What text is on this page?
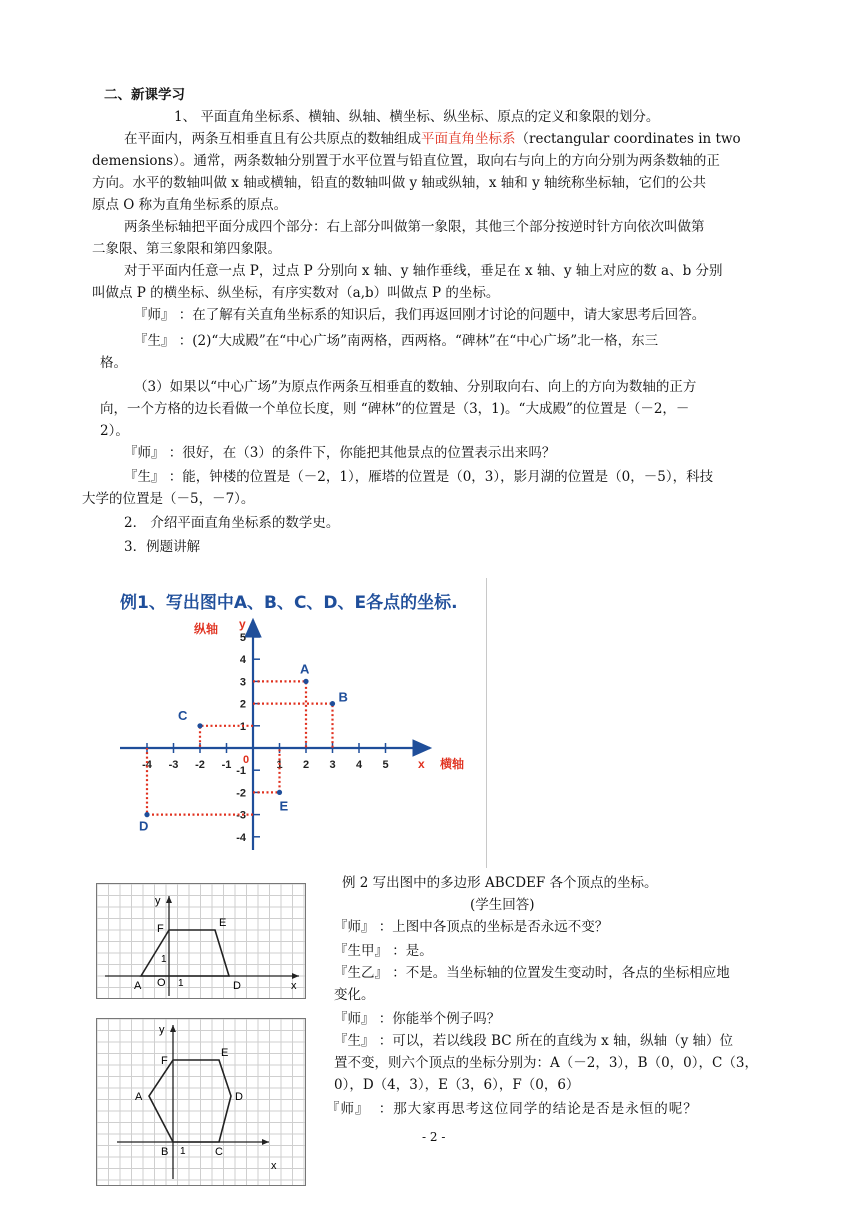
二、新课学习
1、 平面直角坐标系、横轴、纵轴、横坐标、纵坐标、原点的定义和象限的划分。
在平面内，两条互相垂直且有公共原点的数轴组成平面直角坐标系（rectangular coordinates in two
demensions）。通常，两条数轴分别置于水平位置与铅直位置，取向右与向上的方向分别为两条数轴的正
方向。水平的数轴叫做 x 轴或横轴，铅直的数轴叫做 y 轴或纵轴，x 轴和 y 轴统称坐标轴，它们的公共
原点 O 称为直角坐标系的原点。
两条坐标轴把平面分成四个部分：右上部分叫做第一象限，其他三个部分按逆时针方向依次叫做第
二象限、第三象限和第四象限。
对于平面内任意一点 P，过点 P 分别向 x 轴、y 轴作垂线，垂足在 x 轴、y 轴上对应的数 a、b 分别
叫做点 P 的横坐标、纵坐标，有序实数对（a,b）叫做点 P 的坐标。
『师』 ：在了解有关直角坐标系的知识后，我们再返回刚才讨论的问题中，请大家思考后回答。
『生』 ：(2)“大成殿”在“中心广场”南两格，西两格。“碑林”在“中心广场”北一格，东三
格。
（3）如果以“中心广场”为原点作两条互相垂直的数轴、分别取向右、向上的方向为数轴的正方
向，一个方格的边长看做一个单位长度，则 “碑林”的位置是（3，1)。“大成殿”的位置是（－2，－
2）。
『师』 ：很好，在（3）的条件下，你能把其他景点的位置表示出来吗？
『生』 ：能，钟楼的位置是（－2，1），雁塔的位置是（0，3），影月湖的位置是（0，－5），科技
大学的位置是（－5，－7）。
2． 介绍平面直角坐标系的数学史。
3．例题讲解
例1、写出图中A、B、C、D、E各点的坐标.
-4 -3 -2 -1	1 2 3 4 5
5
4
3
2
1
-1
-2
-3
-4
0
y
x
纵轴
横轴
A
B
C
D
E
y
F	E
1
A O 1	D	x
y
F
E
A	D
B 1	C
x
例 2 写出图中的多边形 ABCDEF 各个顶点的坐标。
(学生回答)
『师』 ：上图中各顶点的坐标是否永远不变？
『生甲』 ：是。
『生乙』 ：不是。当坐标轴的位置发生变动时，各点的坐标相应地
变化。
『师』 ：你能举个例子吗？
『生』 ：可以，若以线段 BC 所在的直线为 x 轴，纵轴（y 轴）位
置不变，则六个顶点的坐标分别为：A（－2，3），B（0，0），C（3，
0），D（4，3），E（3，6），F（0，6）
『师』 ：那大家再思考这位同学的结论是否是永恒的呢？
- 2 -
